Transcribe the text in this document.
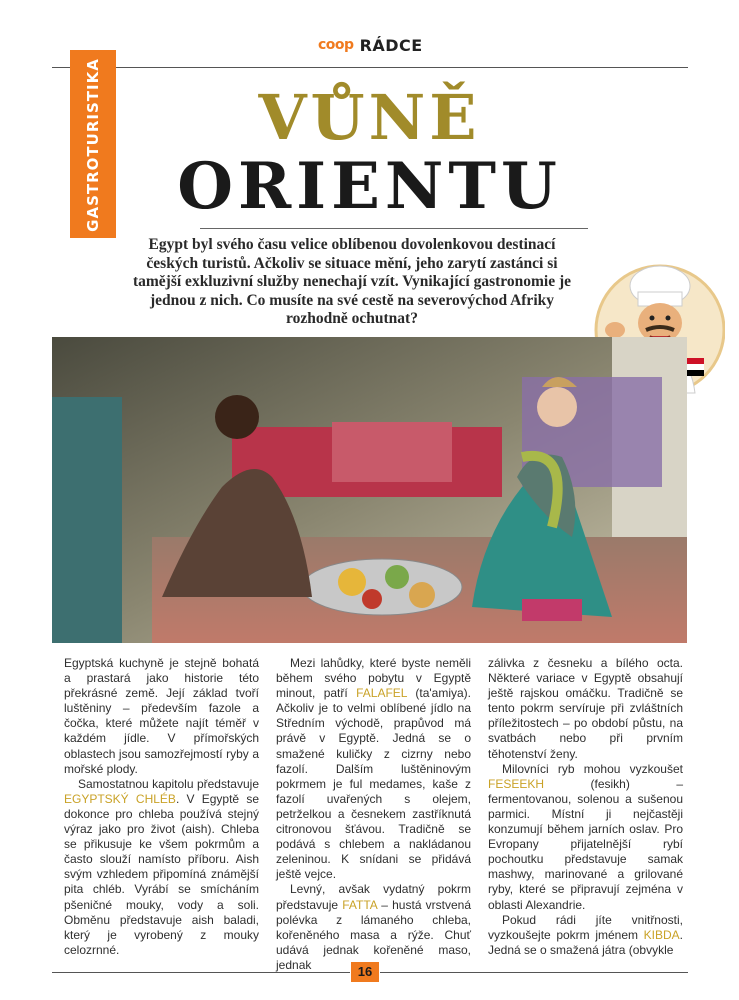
coop RÁDCE
GASTROTURISTIKA	VŮNĚ
ORIENTU
Egypt byl svého času velice oblíbenou dovolenkovou destinací českých turistů. Ačkoliv se situace mění, jeho zarytí zastánci si tamější exkluzivní služby nenechají vzít. Vynikající gastronomie je jednou z nich. Co musíte na své cestě na severovýchod Afriky rozhodně ochutnat?

Egyptská kuchyně je stejně bohatá a prastará jako historie této překrásné země. Její základ tvoří luštěniny – především fazole a čočka, které můžete najít téměř v každém jídle. V přímořských oblastech jsou samozřejmostí ryby a mořské plody.

Samostatnou kapitolu představuje EGYPTSKÝ CHLÉB. V Egyptě se dokonce pro chleba používá stejný výraz jako pro život (aish). Chleba se přikusuje ke všem pokrmům a často slouží namísto příboru. Aish svým vzhledem připomíná známější pita chléb. Vyrábí se smícháním pšeničné mouky, vody a soli. Obměnu představuje aish baladi, který je vyrobený z mouky celozrnné.

Mezi lahůdky, které byste neměli během svého pobytu v Egyptě minout, patří FALAFEL (ta'amiya). Ačkoliv je to velmi oblíbené jídlo na Středním východě, prapůvod má právě v Egyptě. Jedná se o smažené kuličky z cizrny nebo fazolí. Dalším luštěninovým pokrmem je ful medames, kaše z fazolí uvařených s olejem, petrželkou a česnekem zastříknutá citronovou šťávou. Tradičně se podává s chlebem a nakládanou zeleninou. K snídani se přidává ještě vejce.

Levný, avšak vydatný pokrm představuje FATTA – hustá vrstvená polévka z lámaného chleba, kořeněného masa a rýže. Chuť udává jednak kořeněné maso, jednak

zálivka z česneku a bílého octa. Některé variace v Egyptě obsahují ještě rajskou omáčku. Tradičně se tento pokrm servíruje při zvláštních příležitostech – po období půstu, na svatbách nebo při prvním těhotenství ženy.

Milovníci ryb mohou vyzkoušet FESEEKH (fesikh) – fermentovanou, solenou a sušenou parmici. Místní ji nejčastěji konzumují během jarních oslav. Pro Evropany přijatelnější rybí pochoutku představuje samak mashwy, marinované a grilované ryby, které se připravují zejména v oblasti Alexandrie.

Pokud rádi jíte vnitřnosti, vyzkoušejte pokrm jménem KIBDA. Jedná se o smažená játra (obvykle

16
